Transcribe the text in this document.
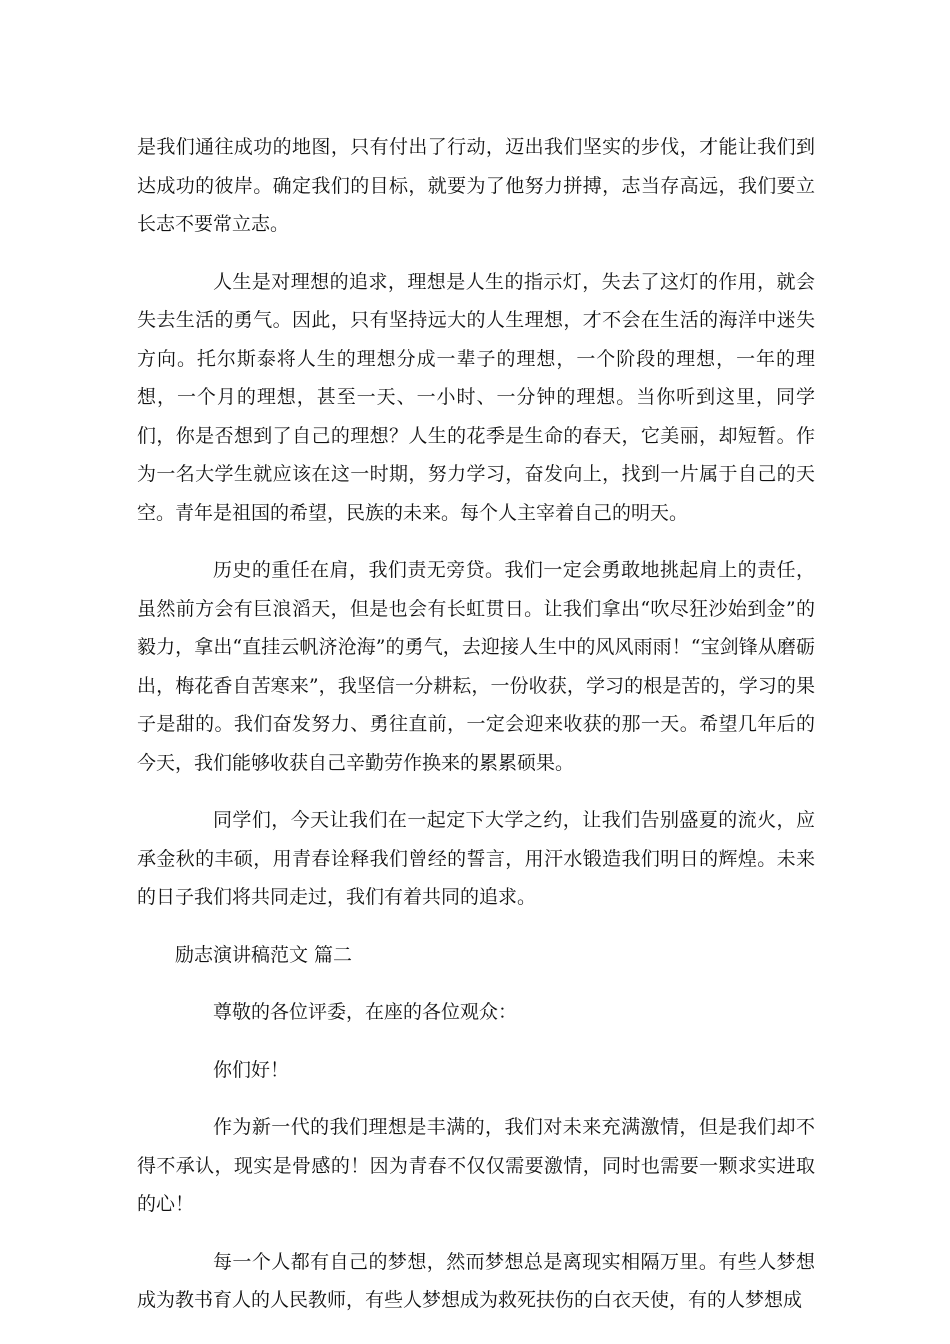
是我们通往成功的地图，只有付出了行动，迈出我们坚实的步伐，才能让我们到达成功的彼岸。确定我们的目标，就要为了他努力拼搏，志当存高远，我们要立长志不要常立志。

人生是对理想的追求，理想是人生的指示灯，失去了这灯的作用，就会失去生活的勇气。因此，只有坚持远大的人生理想，才不会在生活的海洋中迷失方向。托尔斯泰将人生的理想分成一辈子的理想，一个阶段的理想，一年的理想，一个月的理想，甚至一天、一小时、一分钟的理想。当你听到这里，同学们，你是否想到了自己的理想？人生的花季是生命的春天，它美丽，却短暂。作为一名大学生就应该在这一时期，努力学习，奋发向上，找到一片属于自己的天空。青年是祖国的希望，民族的未来。每个人主宰着自己的明天。

历史的重任在肩，我们责无旁贷。我们一定会勇敢地挑起肩上的责任，虽然前方会有巨浪滔天，但是也会有长虹贯日。让我们拿出“吹尽狂沙始到金”的毅力，拿出“直挂云帆济沧海”的勇气，去迎接人生中的风风雨雨！“宝剑锋从磨砺出，梅花香自苦寒来”，我坚信一分耕耘，一份收获，学习的根是苦的，学习的果子是甜的。我们奋发努力、勇往直前，一定会迎来收获的那一天。希望几年后的今天，我们能够收获自己辛勤劳作换来的累累硕果。

同学们，今天让我们在一起定下大学之约，让我们告别盛夏的流火，应承金秋的丰硕，用青春诠释我们曾经的誓言，用汗水锻造我们明日的辉煌。未来的日子我们将共同走过，我们有着共同的追求。

励志演讲稿范文 篇二
尊敬的各位评委，在座的各位观众：
你们好！

作为新一代的我们理想是丰满的，我们对未来充满激情，但是我们却不得不承认，现实是骨感的！因为青春不仅仅需要激情，同时也需要一颗求实进取的心！

每一个人都有自己的梦想，然而梦想总是离现实相隔万里。有些人梦想成为教书育人的人民教师，有些人梦想成为救死扶伤的白衣天使，有的人梦想成
